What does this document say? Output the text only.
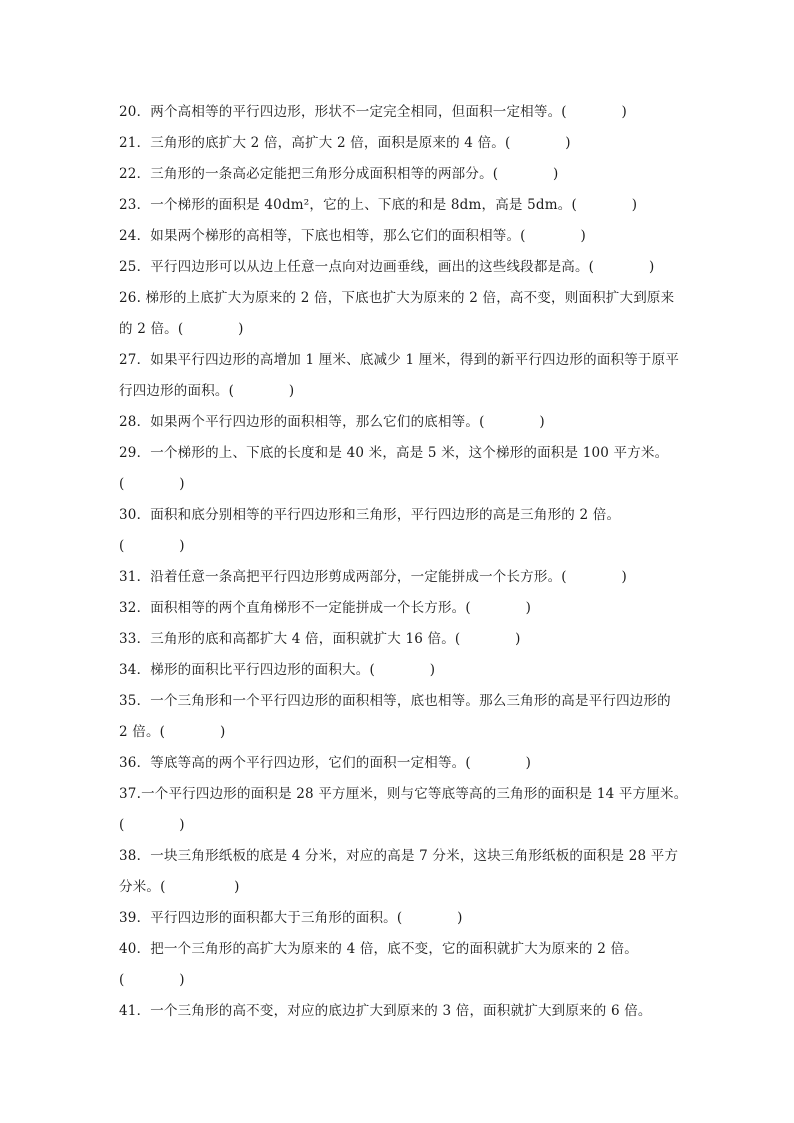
20．两个高相等的平行四边形，形状不一定完全相同，但面积一定相等。(　　　　)
21．三角形的底扩大 2 倍，高扩大 2 倍，面积是原来的 4 倍。(　　　　)
22．三角形的一条高必定能把三角形分成面积相等的两部分。(　　　　)
23．一个梯形的面积是 40dm²，它的上、下底的和是 8dm，高是 5dm。(　　　　)
24．如果两个梯形的高相等，下底也相等，那么它们的面积相等。(　　　　)
25．平行四边形可以从边上任意一点向对边画垂线，画出的这些线段都是高。(　　　　)
26. 梯形的上底扩大为原来的 2 倍，下底也扩大为原来的 2 倍，高不变，则面积扩大到原来
的 2 倍。(　　　　)
27．如果平行四边形的高增加 1 厘米、底减少 1 厘米，得到的新平行四边形的面积等于原平
行四边形的面积。(　　　　)
28．如果两个平行四边形的面积相等，那么它们的底相等。(　　　　)
29．一个梯形的上、下底的长度和是 40 米，高是 5 米，这个梯形的面积是 100 平方米。
(　　　　)
30．面积和底分别相等的平行四边形和三角形，平行四边形的高是三角形的 2 倍。
(　　　　)
31．沿着任意一条高把平行四边形剪成两部分，一定能拼成一个长方形。(　　　　)
32．面积相等的两个直角梯形不一定能拼成一个长方形。(　　　　)
33．三角形的底和高都扩大 4 倍，面积就扩大 16 倍。(　　　　)
34．梯形的面积比平行四边形的面积大。(　　　　)
35．一个三角形和一个平行四边形的面积相等，底也相等。那么三角形的高是平行四边形的
2 倍。(　　　　)
36．等底等高的两个平行四边形，它们的面积一定相等。(　　　　)
37.一个平行四边形的面积是 28 平方厘米，则与它等底等高的三角形的面积是 14 平方厘米。
(　　　　)
38．一块三角形纸板的底是 4 分米，对应的高是 7 分米，这块三角形纸板的面积是 28 平方
分米。(　　　　　)
39．平行四边形的面积都大于三角形的面积。(　　　　)
40．把一个三角形的高扩大为原来的 4 倍，底不变，它的面积就扩大为原来的 2 倍。
(　　　　)
41．一个三角形的高不变，对应的底边扩大到原来的 3 倍，面积就扩大到原来的 6 倍。
